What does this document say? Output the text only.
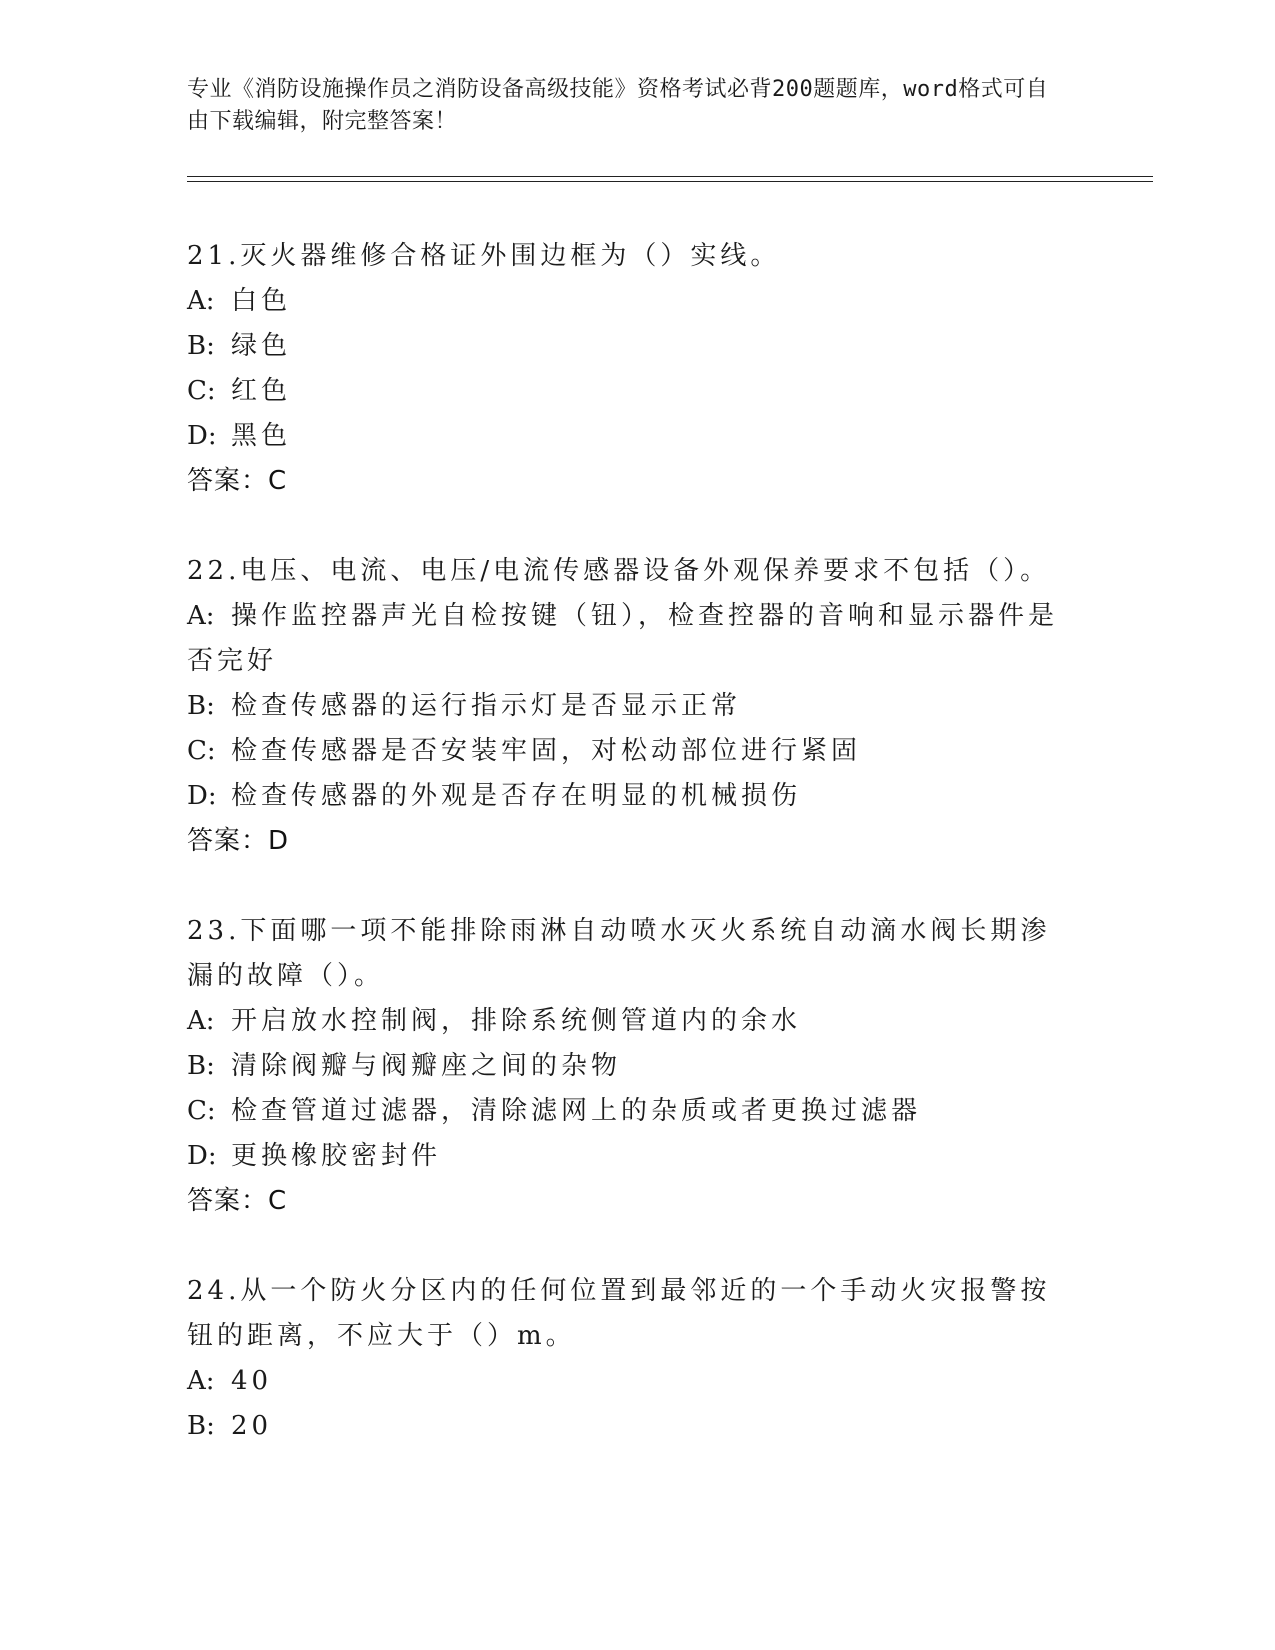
专业《消防设施操作员之消防设备高级技能》资格考试必背200题题库，word格式可自由下载编辑，附完整答案！

21.灭火器维修合格证外围边框为（）实线。

A: 白色

B: 绿色

C: 红色

D: 黑色

答案：C

22.电压、电流、电压/电流传感器设备外观保养要求不包括（）。

A: 操作监控器声光自检按键（钮），检查控器的音响和显示器件是否完好

B: 检查传感器的运行指示灯是否显示正常

C: 检查传感器是否安装牢固，对松动部位进行紧固

D: 检查传感器的外观是否存在明显的机械损伤

答案：D

23.下面哪一项不能排除雨淋自动喷水灭火系统自动滴水阀长期渗漏的故障（）。

A: 开启放水控制阀，排除系统侧管道内的余水

B: 清除阀瓣与阀瓣座之间的杂物

C: 检查管道过滤器，清除滤网上的杂质或者更换过滤器

D: 更换橡胶密封件

答案：C

24.从一个防火分区内的任何位置到最邻近的一个手动火灾报警按钮的距离，不应大于（）m。

A: 40

B: 20
